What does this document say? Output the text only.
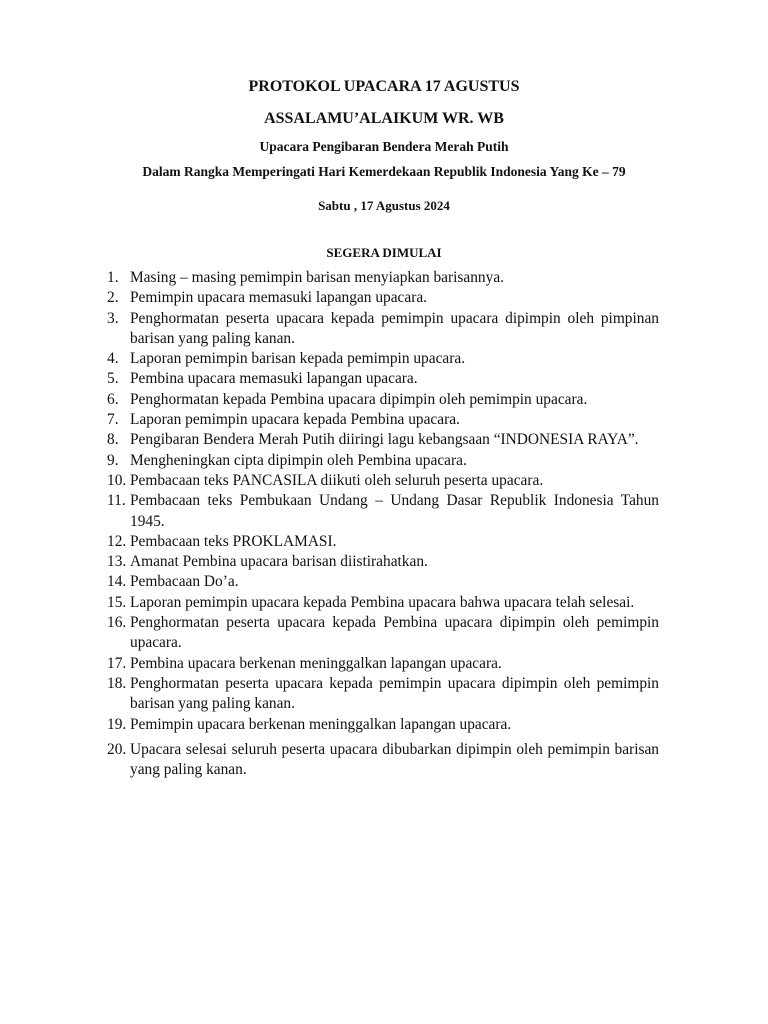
PROTOKOL UPACARA 17 AGUSTUS
ASSALAMU’ALAIKUM WR. WB
Upacara Pengibaran Bendera Merah Putih
Dalam Rangka Memperingati Hari Kemerdekaan Republik Indonesia Yang Ke – 79
Sabtu , 17 Agustus 2024
SEGERA DIMULAI
1. Masing – masing pemimpin barisan menyiapkan barisannya.
2. Pemimpin upacara memasuki lapangan upacara.
3. Penghormatan peserta upacara kepada pemimpin upacara dipimpin oleh pimpinan barisan yang paling kanan.
4. Laporan pemimpin barisan kepada pemimpin upacara.
5. Pembina upacara memasuki lapangan upacara.
6. Penghormatan kepada Pembina upacara dipimpin oleh pemimpin upacara.
7. Laporan pemimpin upacara kepada Pembina upacara.
8. Pengibaran Bendera Merah Putih diiringi lagu kebangsaan “INDONESIA RAYA”.
9. Mengheningkan cipta dipimpin oleh Pembina upacara.
10. Pembacaan teks PANCASILA diikuti oleh seluruh peserta upacara.
11. Pembacaan teks Pembukaan Undang – Undang Dasar Republik Indonesia Tahun 1945.
12. Pembacaan teks PROKLAMASI.
13. Amanat Pembina upacara barisan diistirahatkan.
14. Pembacaan Do’a.
15. Laporan pemimpin upacara kepada Pembina upacara bahwa upacara telah selesai.
16. Penghormatan peserta upacara kepada Pembina upacara dipimpin oleh pemimpin upacara.
17. Pembina upacara berkenan meninggalkan lapangan upacara.
18. Penghormatan peserta upacara kepada pemimpin upacara dipimpin oleh pemimpin barisan yang paling kanan.
19. Pemimpin upacara berkenan meninggalkan lapangan upacara.
20. Upacara selesai seluruh peserta upacara dibubarkan dipimpin oleh pemimpin barisan yang paling kanan.
